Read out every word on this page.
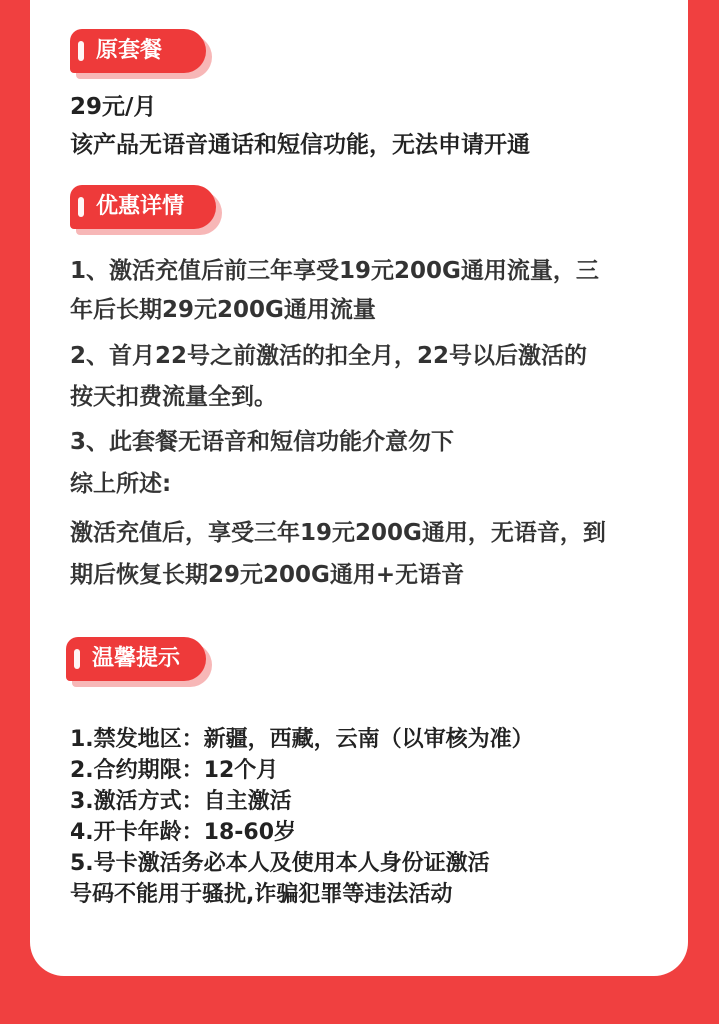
原套餐
29元/月
该产品无语音通话和短信功能，无法申请开通
优惠详情
1、激活充值后前三年享受19元200G通用流量，三
年后长期29元200G通用流量
2、首月22号之前激活的扣全月，22号以后激活的
按天扣费流量全到。
3、此套餐无语音和短信功能介意勿下
综上所述:
激活充值后，享受三年19元200G通用，无语音，到
期后恢复长期29元200G通用+无语音
温馨提示
1.禁发地区：新疆，西藏，云南（以审核为准）
2.合约期限：12个月
3.激活方式：自主激活
4.开卡年龄：18-60岁
5.号卡激活务必本人及使用本人身份证激活
号码不能用于骚扰,诈骗犯罪等违法活动
